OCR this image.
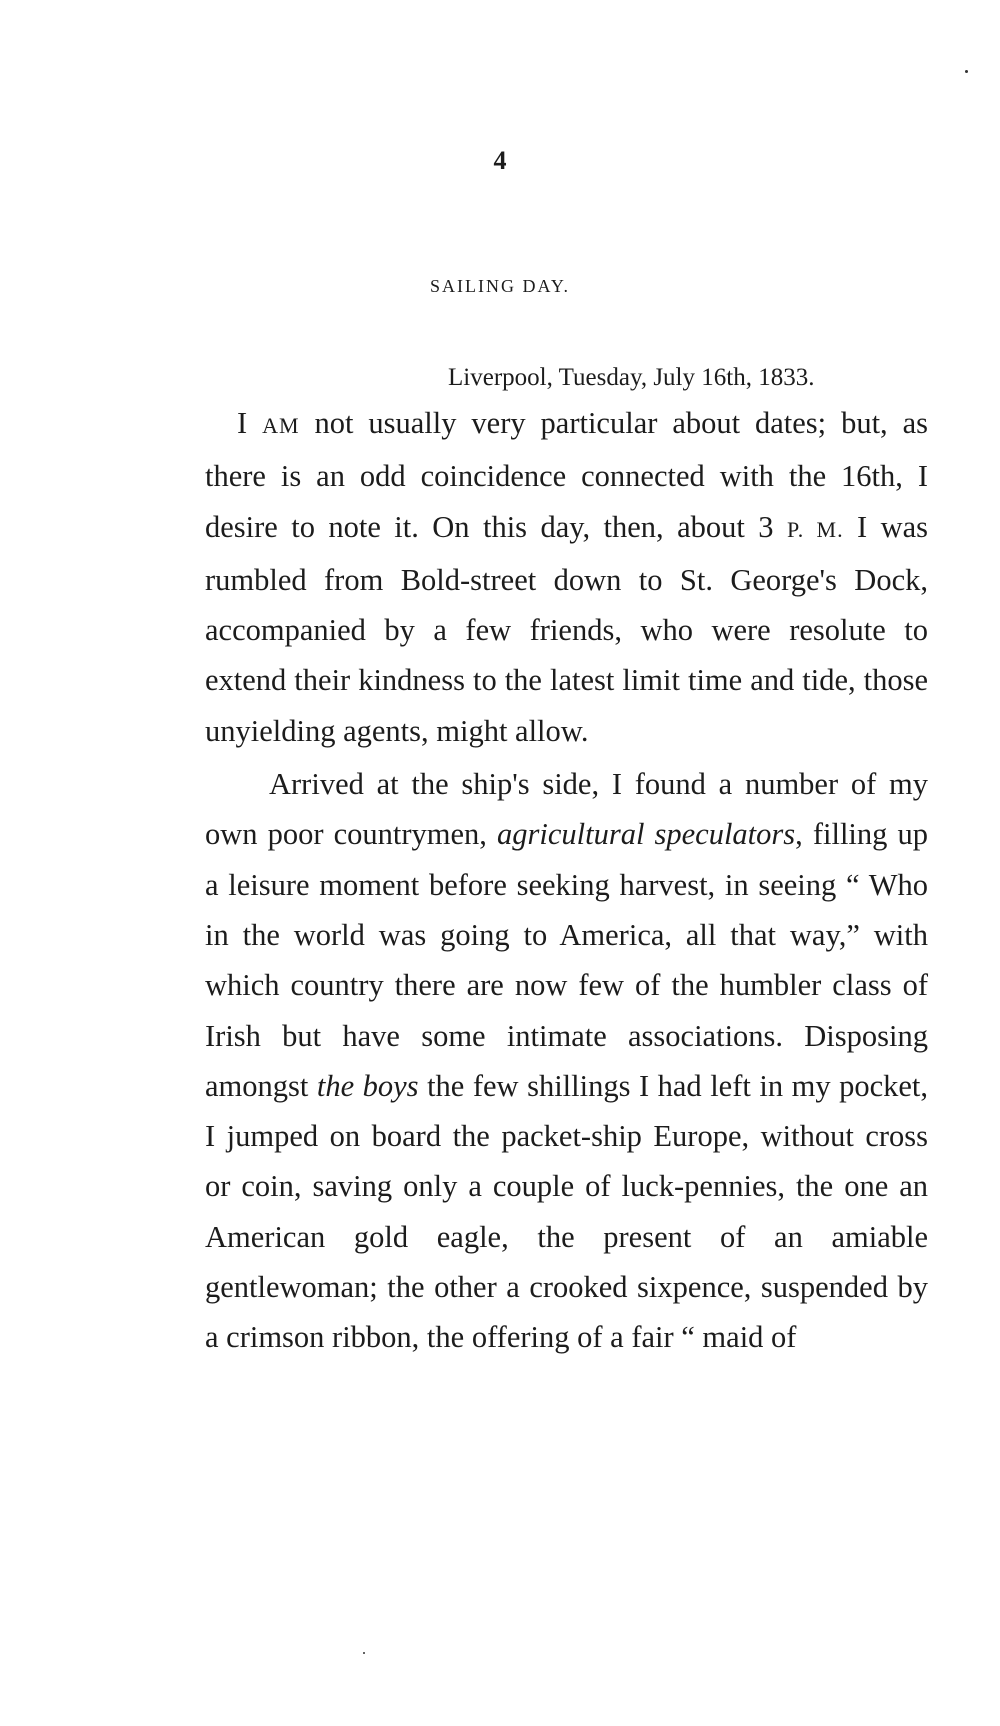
4
SAILING DAY.
Liverpool, Tuesday, July 16th, 1833.

I AM not usually very particular about dates; but, as there is an odd coincidence connected with the 16th, I desire to note it. On this day, then, about 3 P. M. I was rumbled from Bold-street down to St. George's Dock, accompanied by a few friends, who were resolute to extend their kindness to the latest limit time and tide, those unyielding agents, might allow.

Arrived at the ship's side, I found a number of my own poor countrymen, agricultural speculators, filling up a leisure moment before seeking harvest, in seeing “ Who in the world was going to America, all that way,” with which country there are now few of the humbler class of Irish but have some intimate associations. Disposing amongst the boys the few shillings I had left in my pocket, I jumped on board the packet-ship Europe, without cross or coin, saving only a couple of luck-pennies, the one an American gold eagle, the present of an amiable gentlewoman; the other a crooked sixpence, suspended by a crimson ribbon, the offering of a fair “ maid of
